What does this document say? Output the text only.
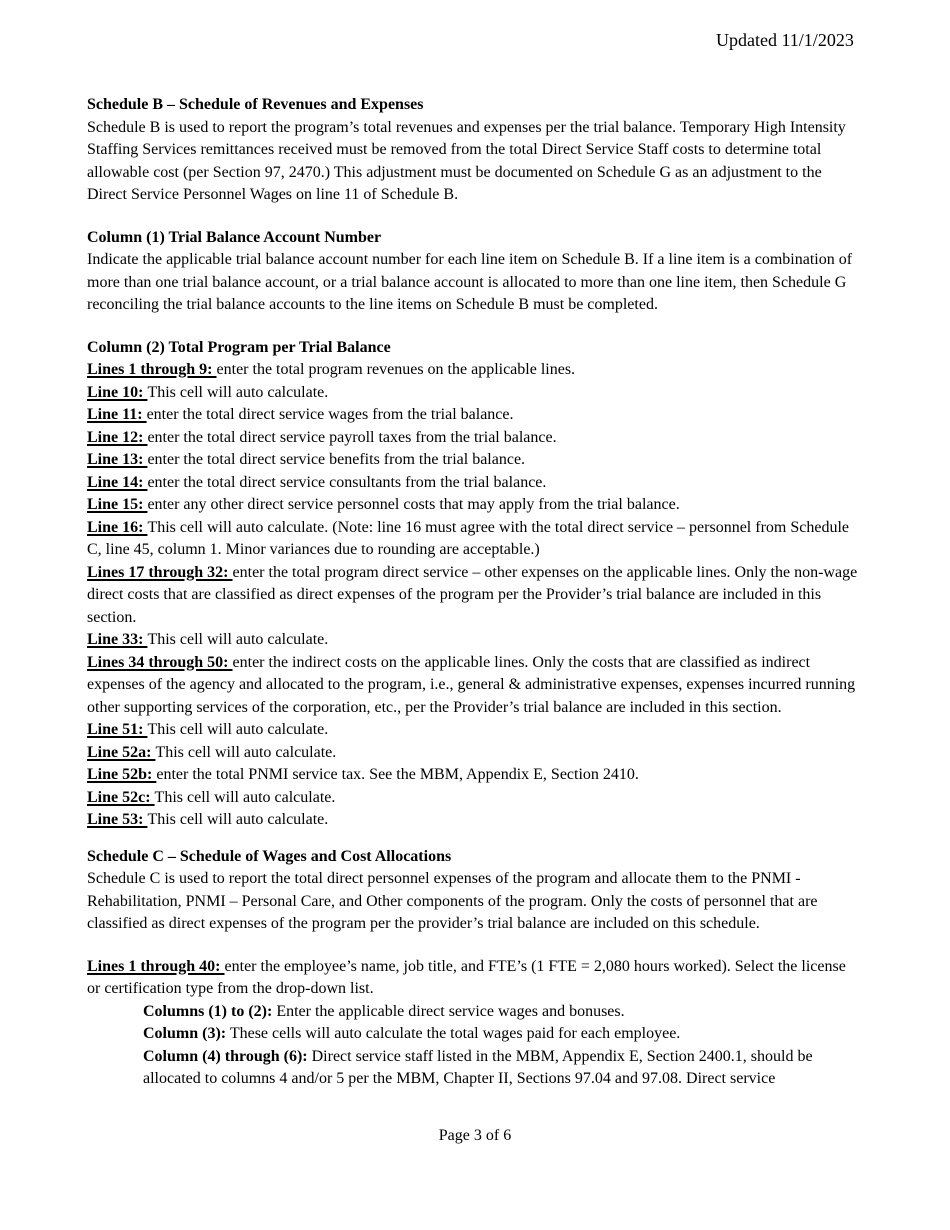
Updated 11/1/2023

Schedule B – Schedule of Revenues and Expenses

Schedule B is used to report the program’s total revenues and expenses per the trial balance. Temporary High Intensity Staffing Services remittances received must be removed from the total Direct Service Staff costs to determine total allowable cost (per Section 97, 2470.) This adjustment must be documented on Schedule G as an adjustment to the Direct Service Personnel Wages on line 11 of Schedule B.

Column (1) Trial Balance Account Number

Indicate the applicable trial balance account number for each line item on Schedule B. If a line item is a combination of more than one trial balance account, or a trial balance account is allocated to more than one line item, then Schedule G reconciling the trial balance accounts to the line items on Schedule B must be completed.

Column (2) Total Program per Trial Balance

Lines 1 through 9: enter the total program revenues on the applicable lines.

Line 10: This cell will auto calculate.

Line 11: enter the total direct service wages from the trial balance.

Line 12: enter the total direct service payroll taxes from the trial balance.

Line 13: enter the total direct service benefits from the trial balance.

Line 14: enter the total direct service consultants from the trial balance.

Line 15: enter any other direct service personnel costs that may apply from the trial balance.

Line 16: This cell will auto calculate. (Note: line 16 must agree with the total direct service – personnel from Schedule C, line 45, column 1. Minor variances due to rounding are acceptable.)

Lines 17 through 32: enter the total program direct service – other expenses on the applicable lines. Only the non-wage direct costs that are classified as direct expenses of the program per the Provider’s trial balance are included in this section.

Line 33: This cell will auto calculate.

Lines 34 through 50: enter the indirect costs on the applicable lines. Only the costs that are classified as indirect expenses of the agency and allocated to the program, i.e., general & administrative expenses, expenses incurred running other supporting services of the corporation, etc., per the Provider’s trial balance are included in this section.

Line 51: This cell will auto calculate.

Line 52a: This cell will auto calculate.

Line 52b: enter the total PNMI service tax. See the MBM, Appendix E, Section 2410.

Line 52c: This cell will auto calculate.

Line 53: This cell will auto calculate.

Schedule C – Schedule of Wages and Cost Allocations

Schedule C is used to report the total direct personnel expenses of the program and allocate them to the PNMI - Rehabilitation, PNMI – Personal Care, and Other components of the program. Only the costs of personnel that are classified as direct expenses of the program per the provider’s trial balance are included on this schedule.

Lines 1 through 40: enter the employee’s name, job title, and FTE’s (1 FTE = 2,080 hours worked). Select the license or certification type from the drop-down list.

Columns (1) to (2): Enter the applicable direct service wages and bonuses.

Column (3): These cells will auto calculate the total wages paid for each employee.

Column (4) through (6): Direct service staff listed in the MBM, Appendix E, Section 2400.1, should be allocated to columns 4 and/or 5 per the MBM, Chapter II, Sections 97.04 and 97.08. Direct service

Page 3 of 6
